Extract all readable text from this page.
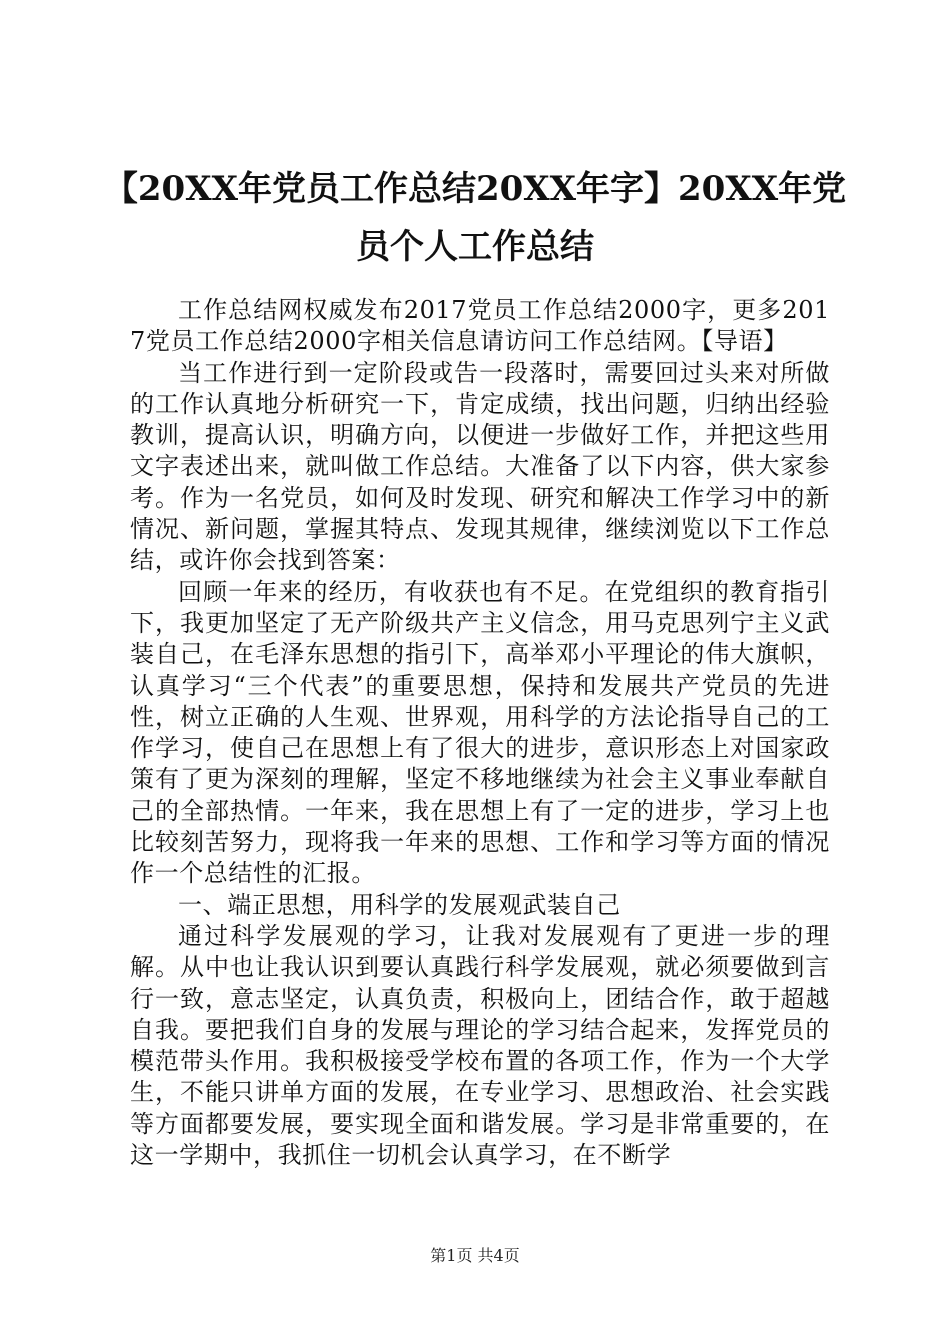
【20XX年党员工作总结20XX年字】20XX年党员个人工作总结

工作总结网权威发布2017党员工作总结2000字，更多2017党员工作总结2000字相关信息请访问工作总结网。【导语】

当工作进行到一定阶段或告一段落时，需要回过头来对所做的工作认真地分析研究一下，肯定成绩，找出问题，归纳出经验教训，提高认识，明确方向，以便进一步做好工作，并把这些用文字表述出来，就叫做工作总结。大准备了以下内容，供大家参考。作为一名党员，如何及时发现、研究和解决工作学习中的新情况、新问题，掌握其特点、发现其规律，继续浏览以下工作总结，或许你会找到答案：

回顾一年来的经历，有收获也有不足。在党组织的教育指引下，我更加坚定了无产阶级共产主义信念，用马克思列宁主义武装自己，在毛泽东思想的指引下，高举邓小平理论的伟大旗帜，认真学习“三个代表”的重要思想，保持和发展共产党员的先进性，树立正确的人生观、世界观，用科学的方法论指导自己的工作学习，使自己在思想上有了很大的进步，意识形态上对国家政策有了更为深刻的理解，坚定不移地继续为社会主义事业奉献自己的全部热情。一年来，我在思想上有了一定的进步，学习上也比较刻苦努力，现将我一年来的思想、工作和学习等方面的情况作一个总结性的汇报。

一、端正思想，用科学的发展观武装自己

通过科学发展观的学习，让我对发展观有了更进一步的理解。从中也让我认识到要认真践行科学发展观，就必须要做到言行一致，意志坚定，认真负责，积极向上，团结合作，敢于超越自我。要把我们自身的发展与理论的学习结合起来，发挥党员的模范带头作用。我积极接受学校布置的各项工作，作为一个大学生，不能只讲单方面的发展，在专业学习、思想政治、社会实践等方面都要发展，要实现全面和谐发展。学习是非常重要的，在这一学期中，我抓住一切机会认真学习，在不断学

第1页 共4页
